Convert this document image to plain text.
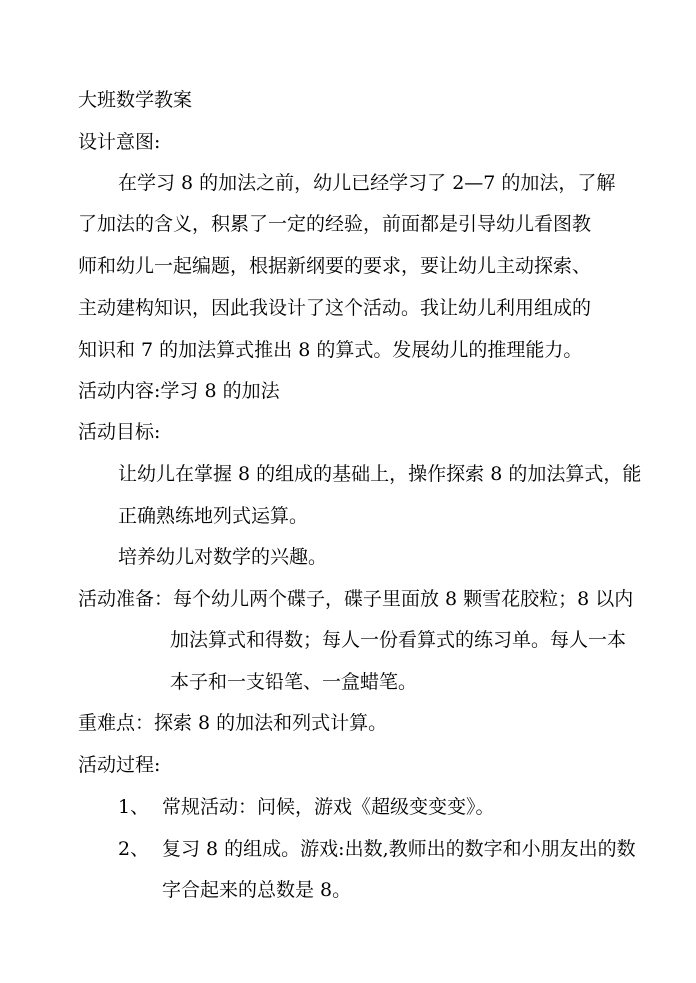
大班数学教案
设计意图:
在学习 8 的加法之前，幼儿已经学习了 2—7 的加法，了解
了加法的含义，积累了一定的经验，前面都是引导幼儿看图教
师和幼儿一起编题，根据新纲要的要求，要让幼儿主动探索、
主动建构知识，因此我设计了这个活动。我让幼儿利用组成的
知识和 7 的加法算式推出 8 的算式。发展幼儿的推理能力。
活动内容:学习 8 的加法
活动目标:
让幼儿在掌握 8 的组成的基础上，操作探索 8 的加法算式，能
正确熟练地列式运算。
培养幼儿对数学的兴趣。
活动准备：每个幼儿两个碟子，碟子里面放 8 颗雪花胶粒；8 以内
加法算式和得数；每人一份看算式的练习单。每人一本
本子和一支铅笔、一盒蜡笔。
重难点：探索 8 的加法和列式计算。
活动过程:
1、 常规活动：问候，游戏《超级变变变》。
2、 复习 8 的组成。游戏:出数,教师出的数字和小朋友出的数
字合起来的总数是 8。
